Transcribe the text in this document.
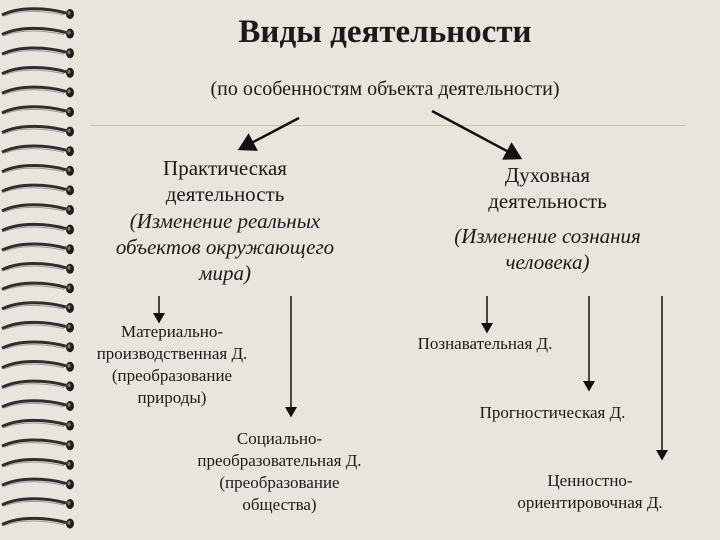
Виды деятельности
(по особенностям объекта деятельности)
Практическая
деятельность
(Изменение реальных
объектов окружающего
мира)
Духовная
деятельность
(Изменение сознания
человека)
Материально-
производственная Д.
(преобразование
природы)
Социально-
преобразовательная Д.
(преобразование
общества)
Познавательная Д.
Прогностическая Д.
Ценностно-
ориентировочная Д.
